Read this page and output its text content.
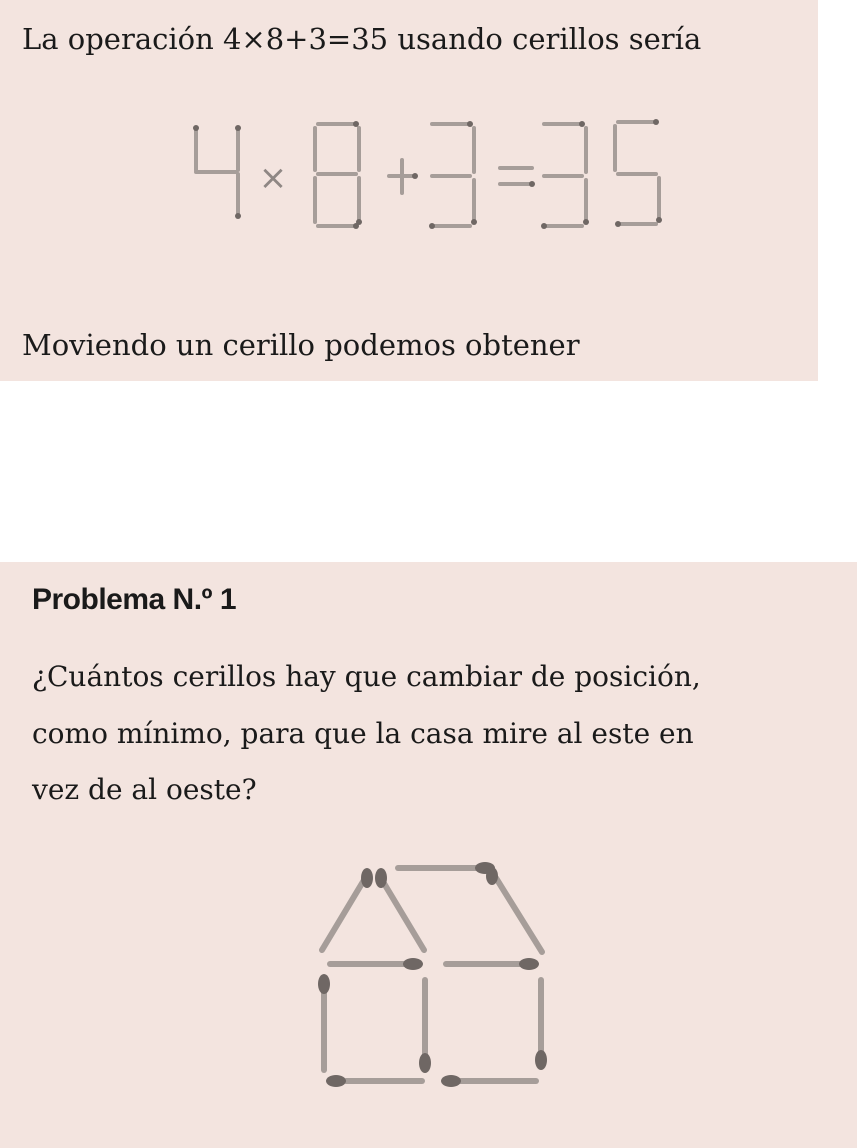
La operación 4×8+3=35 usando cerillos sería

×

Moviendo un cerillo podemos obtener

Problema N.º 1

¿Cuántos cerillos hay que cambiar de posición,

como mínimo, para que la casa mire al este en

vez de al oeste?
